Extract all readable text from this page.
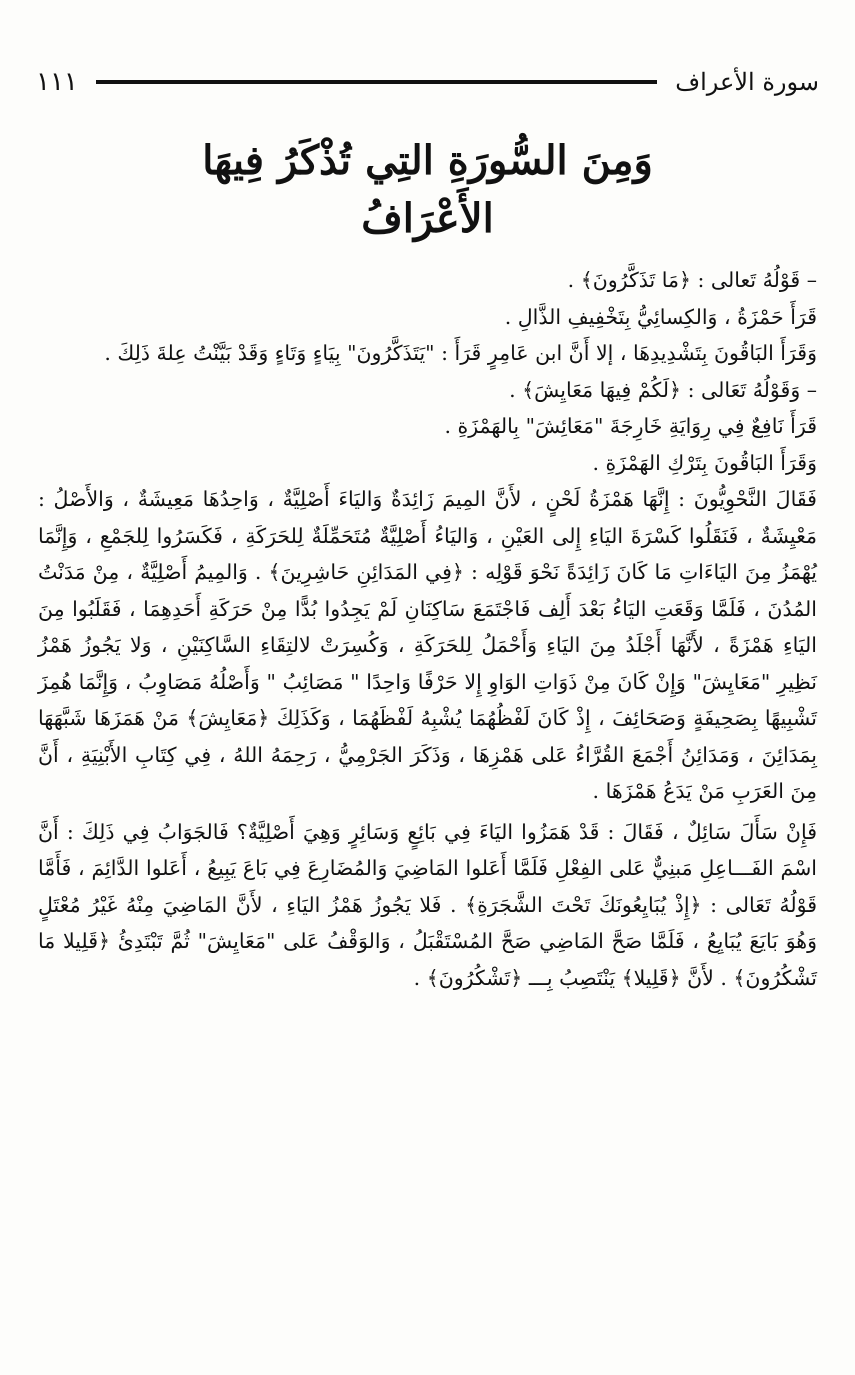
١١١	سورة الأعراف
وَمِنَ السُّورَةِ التِي تُذْكَرُ فِيهَا
الأَعْرَافُ

– قَوْلُهُ تَعالى : ﴿مَا تَذَكَّرُونَ﴾ .

قَرَأَ حَمْزَةُ ، وَالكِسائِيُّ بِتَخْفِيفِ الذَّالِ .

وَقَرَأَ البَاقُونَ بِتَشْدِيدِهَا ، إلا أَنَّ ابن عَامِرٍ قَرَأَ : "يَتَذَكَّرُونَ" بِيَاءٍ وَتَاءٍ وَقَدْ بَيَّنْتُ عِلةَ ذَلِكَ .

– وَقَوْلُهُ تَعَالى : ﴿لَكُمْ فِيهَا مَعَايِشَ﴾ .

قَرَأَ نَافِعٌ فِي رِوَايَةِ خَارِجَةَ "مَعَائِشَ" بِالهَمْزَةِ .

وَقَرَأَ البَاقُونَ بِتَرْكِ الهَمْزَةِ .

فَقَالَ النَّحْوِيُّونَ : إِنَّهَا هَمْزَةُ لَحْنٍ ، لأَنَّ المِيمَ زَائِدَةٌ وَاليَاءَ أَصْلِيَّةٌ ، وَاحِدُهَا مَعِيشَةٌ ، وَالأَصْلُ : مَعْيِشَةٌ ، فَنَقَلُوا كَسْرَةَ اليَاءِ إِلى العَيْنِ ، وَاليَاءُ أَصْلِيَّةٌ مُتَحَمِّلَةٌ لِلحَرَكَةِ ، فَكَسَرُوا لِلجَمْعِ ، وَإِنَّمَا يُهْمَزُ مِنَ اليَاءَاتِ مَا كَانَ زَائِدَةً نَحْوَ قَوْلِه : ﴿فِي المَدَائِنِ حَاشِرِينَ﴾ . وَالمِيمُ أَصْلِيَّةٌ ، مِنْ مَدَنْتُ المُدُنَ ، فَلَمَّا وَقَعَتِ اليَاءُ بَعْدَ أَلِف فَاجْتَمَعَ سَاكِنَانِ لَمْ يَجِدُوا بُدًّا مِنْ حَرَكَةِ أَحَدِهِمَا ، فَقَلَبُوا مِنَ اليَاءِ هَمْزَةً ، لأَنَّهَا أَجْلَدُ مِنَ اليَاءِ وَأَحْمَلُ لِلحَرَكَةِ ، وَكُسِرَتْ لالتِقَاءِ السَّاكِنَيْنِ ، وَلا يَجُوزُ هَمْزُ نَظِيرِ "مَعَايِشَ" وَإِنْ كَانَ مِنْ ذَوَاتِ الوَاوِ إِلا حَرْفًا وَاحِدًا " مَصَائِبُ " وَأَصْلُهُ مَصَاوِبُ ، وَإِنَّمَا هُمِزَ تَشْبِيهًا بِصَحِيفَةٍ وَصَحَائِفَ ، إِذْ كَانَ لَفْظُهُمَا يُشْبِهُ لَفْظَهُمَا ، وَكَذَلِكَ ﴿مَعَايِشَ﴾ مَنْ هَمَزَهَا شَبَّهَهَا بِمَدَائِنَ ، وَمَدَائِنُ أَجْمَعَ القُرَّاءُ عَلى هَمْزِهَا ، وَذَكَرَ الجَرْمِيُّ ، رَحِمَهُ اللهُ ، فِي كِتَابِ الأَبْنِيَةِ ، أَنَّ مِنَ العَرَبِ مَنْ يَدَعُ هَمْزَهَا .

فَإِنْ سَأَلَ سَائِلٌ ، فَقَالَ : قَدْ هَمَزُوا اليَاءَ فِي بَائِعٍ وَسَائِرٍ وَهِيَ أَصْلِيَّةٌ؟ فَالجَوَابُ فِي ذَلِكَ : أَنَّ اسْمَ الفَـــاعِلِ مَبنِيٌّ عَلى الفِعْلِ فَلَمَّا أَعَلوا المَاضِيَ وَالمُضَارِعَ فِي بَاعَ يَبِيعُ ، أَعَلوا الدَّائِمَ ، فَأَمَّا قَوْلُهُ تَعَالى : ﴿إِذْ يُبَايِعُونَكَ تَحْتَ الشَّجَرَةِ﴾ . فَلا يَجُوزُ هَمْزُ اليَاءِ ، لأَنَّ المَاضِيَ مِنْهُ غَيْرُ مُعْتَلٍ وَهُوَ بَايَعَ يُبَايِعُ ، فَلَمَّا صَحَّ المَاضِي صَحَّ المُسْتَقْبَلُ ، وَالوَقْفُ عَلى "مَعَايِشَ" ثُمَّ تَبْتَدِئُ ﴿قَلِيلا مَا تَشْكُرُونَ﴾ . لأَنَّ ﴿قَلِيلا﴾ يَنْتَصِبُ بِـــ ﴿تَشْكُرُونَ﴾ .
